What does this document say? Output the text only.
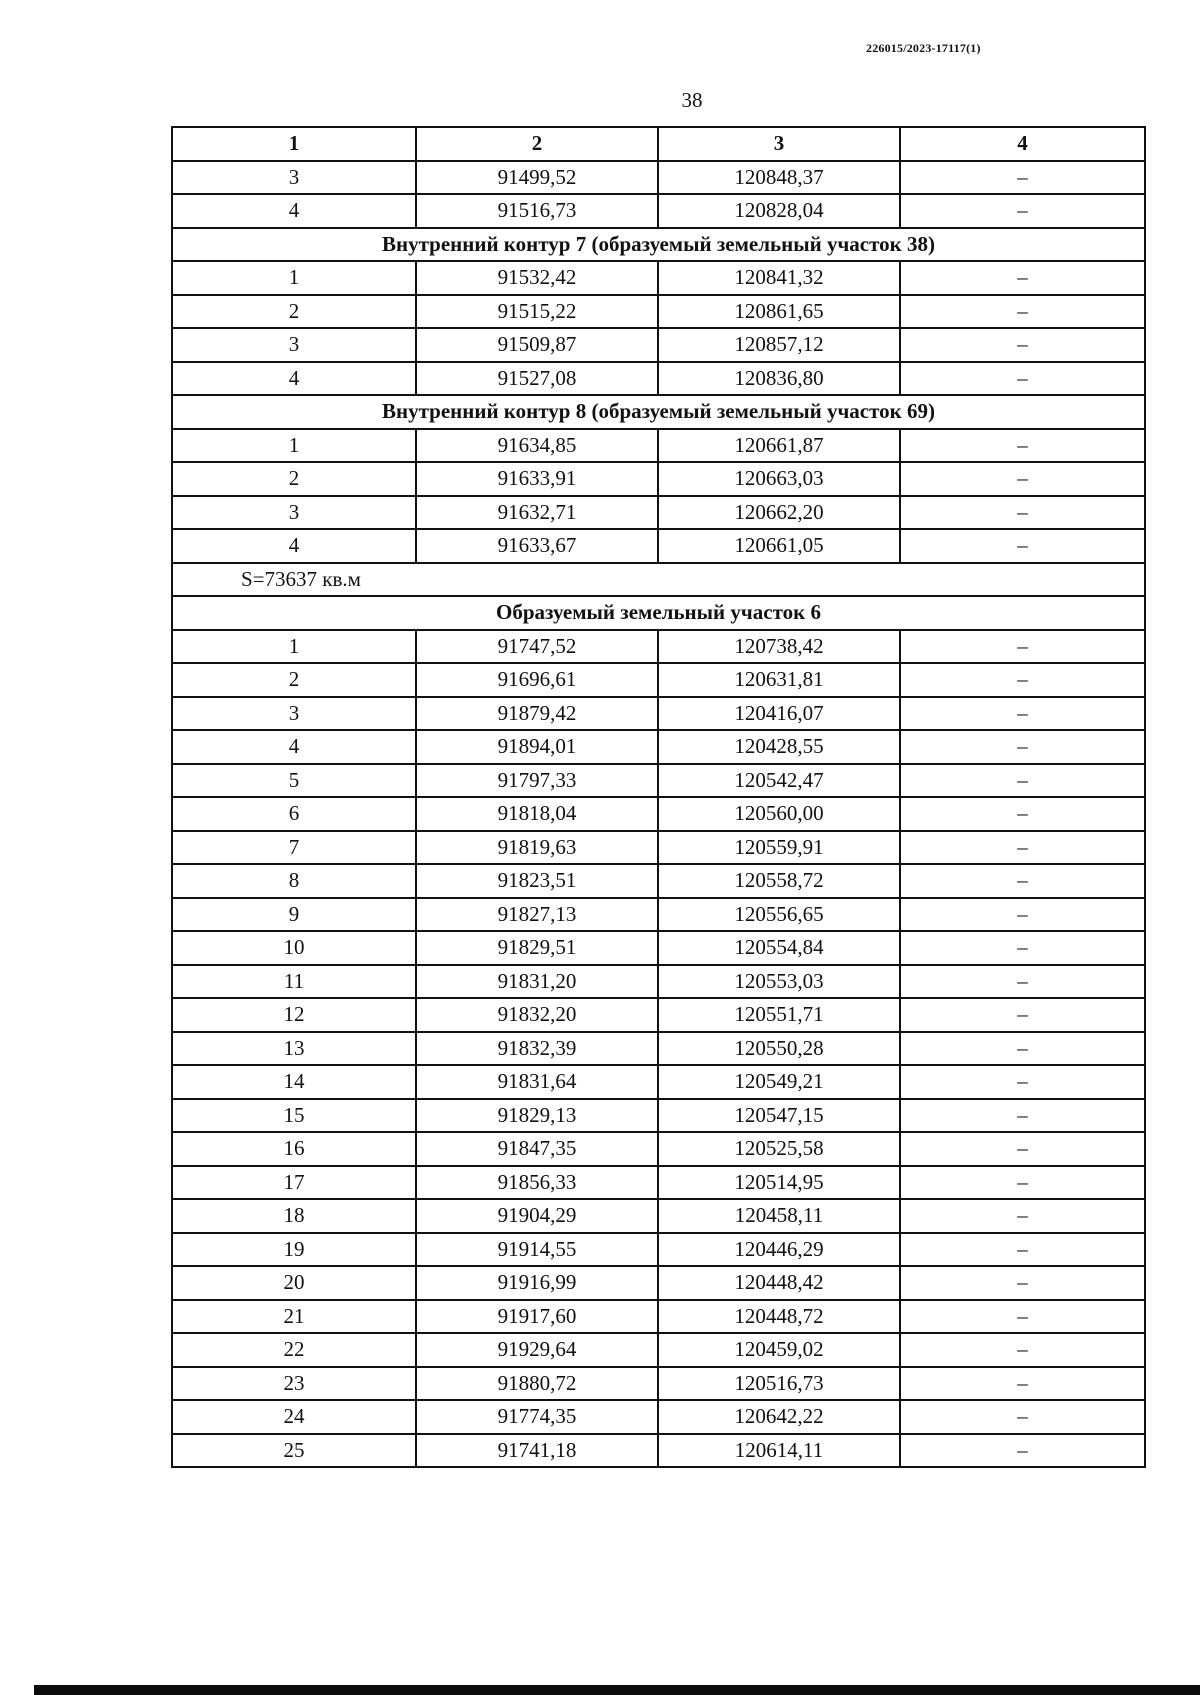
226015/2023-17117(1)
38
1	2	3	4
3	91499,52	120848,37	–
4	91516,73	120828,04	–
Внутренний контур 7 (образуемый земельный участок 38)			
1	91532,42	120841,32	–
2	91515,22	120861,65	–
3	91509,87	120857,12	–
4	91527,08	120836,80	–
Внутренний контур 8 (образуемый земельный участок 69)			
1	91634,85	120661,87	–
2	91633,91	120663,03	–
3	91632,71	120662,20	–
4	91633,67	120661,05	–
S=73637 кв.м			
Образуемый земельный участок 6			
1	91747,52	120738,42	–
2	91696,61	120631,81	–
3	91879,42	120416,07	–
4	91894,01	120428,55	–
5	91797,33	120542,47	–
6	91818,04	120560,00	–
7	91819,63	120559,91	–
8	91823,51	120558,72	–
9	91827,13	120556,65	–
10	91829,51	120554,84	–
11	91831,20	120553,03	–
12	91832,20	120551,71	–
13	91832,39	120550,28	–
14	91831,64	120549,21	–
15	91829,13	120547,15	–
16	91847,35	120525,58	–
17	91856,33	120514,95	–
18	91904,29	120458,11	–
19	91914,55	120446,29	–
20	91916,99	120448,42	–
21	91917,60	120448,72	–
22	91929,64	120459,02	–
23	91880,72	120516,73	–
24	91774,35	120642,22	–
25	91741,18	120614,11	–
